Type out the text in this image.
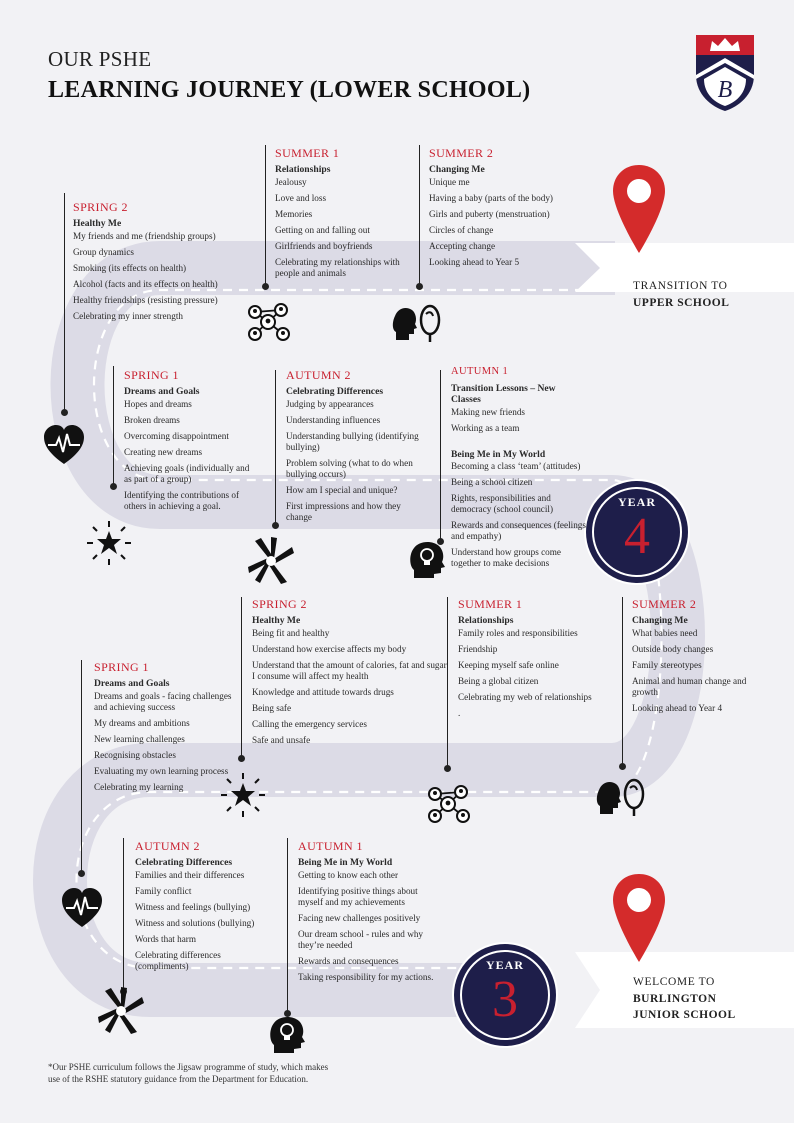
OUR PSHE
LEARNING JOURNEY (LOWER SCHOOL)	B
TRANSITION TO
UPPER SCHOOL
WELCOME TO
BURLINGTON
JUNIOR SCHOOL
YEAR
4
YEAR
3
SPRING 2
Healthy Me
My friends and me (friendship groups)
Group dynamics
Smoking (its effects on health)
Alcohol (facts and its effects on health)
Healthy friendships (resisting pressure)
Celebrating my inner strength
SUMMER 1
Relationships
Jealousy
Love and loss
Memories
Getting on and falling out
Girlfriends and boyfriends
Celebrating my relationships with people and animals
SUMMER 2
Changing Me
Unique me
Having a baby (parts of the body)
Girls and puberty (menstruation)
Circles of change
Accepting change
Looking ahead to Year 5
SPRING 1
Dreams and Goals
Hopes and dreams
Broken dreams
Overcoming disappointment
Creating new dreams
Achieving goals (individually and as part of a group)
Identifying the contributions of others in achieving a goal.
AUTUMN 2
Celebrating Differences
Judging by appearances
Understanding influences
Understanding bullying (identifying bullying)
Problem solving (what to do when bullying occurs)
How am I special and unique?
First impressions and how they change
AUTUMN 1
Transition Lessons – New Classes
Making new friends
Working as a team
Being Me in My World
Becoming a class ‘team’ (attitudes)
Being a school citizen
Rights, responsibilities and democracy (school council)
Rewards and consequences (feelings and empathy)
Understand how groups come together to make decisions
SPRING 2
Healthy Me
Being fit and healthy
Understand how exercise affects my body
Understand that the amount of calories, fat and sugar I consume will affect my health
Knowledge and attitude towards drugs
Being safe
Calling the emergency services
Safe and unsafe
SUMMER 1
Relationships
Family roles and responsibilities
Friendship
Keeping myself safe online
Being a global citizen
Celebrating my web of relationships
.
SUMMER 2
Changing Me
What babies need
Outside body changes
Family stereotypes
Animal and human change and growth
Looking ahead to Year 4
SPRING 1
Dreams and Goals
Dreams and goals - facing challenges and achieving success
My dreams and ambitions
New learning challenges
Recognising obstacles
Evaluating my own learning process
Celebrating my learning
AUTUMN 2
Celebrating Differences
Families and their differences
Family conflict
Witness and feelings (bullying)
Witness and solutions (bullying)
Words that harm
Celebrating differences (compliments)
AUTUMN 1
Being Me in My World
Getting to know each other
Identifying positive things about myself and my achievements
Facing new challenges positively
Our dream school - rules and why they’re needed
Rewards and consequences
Taking responsibility for my actions.
*Our PSHE curriculum follows the Jigsaw programme of study, which makes use of the RSHE statutory guidance from the Department for Education.
